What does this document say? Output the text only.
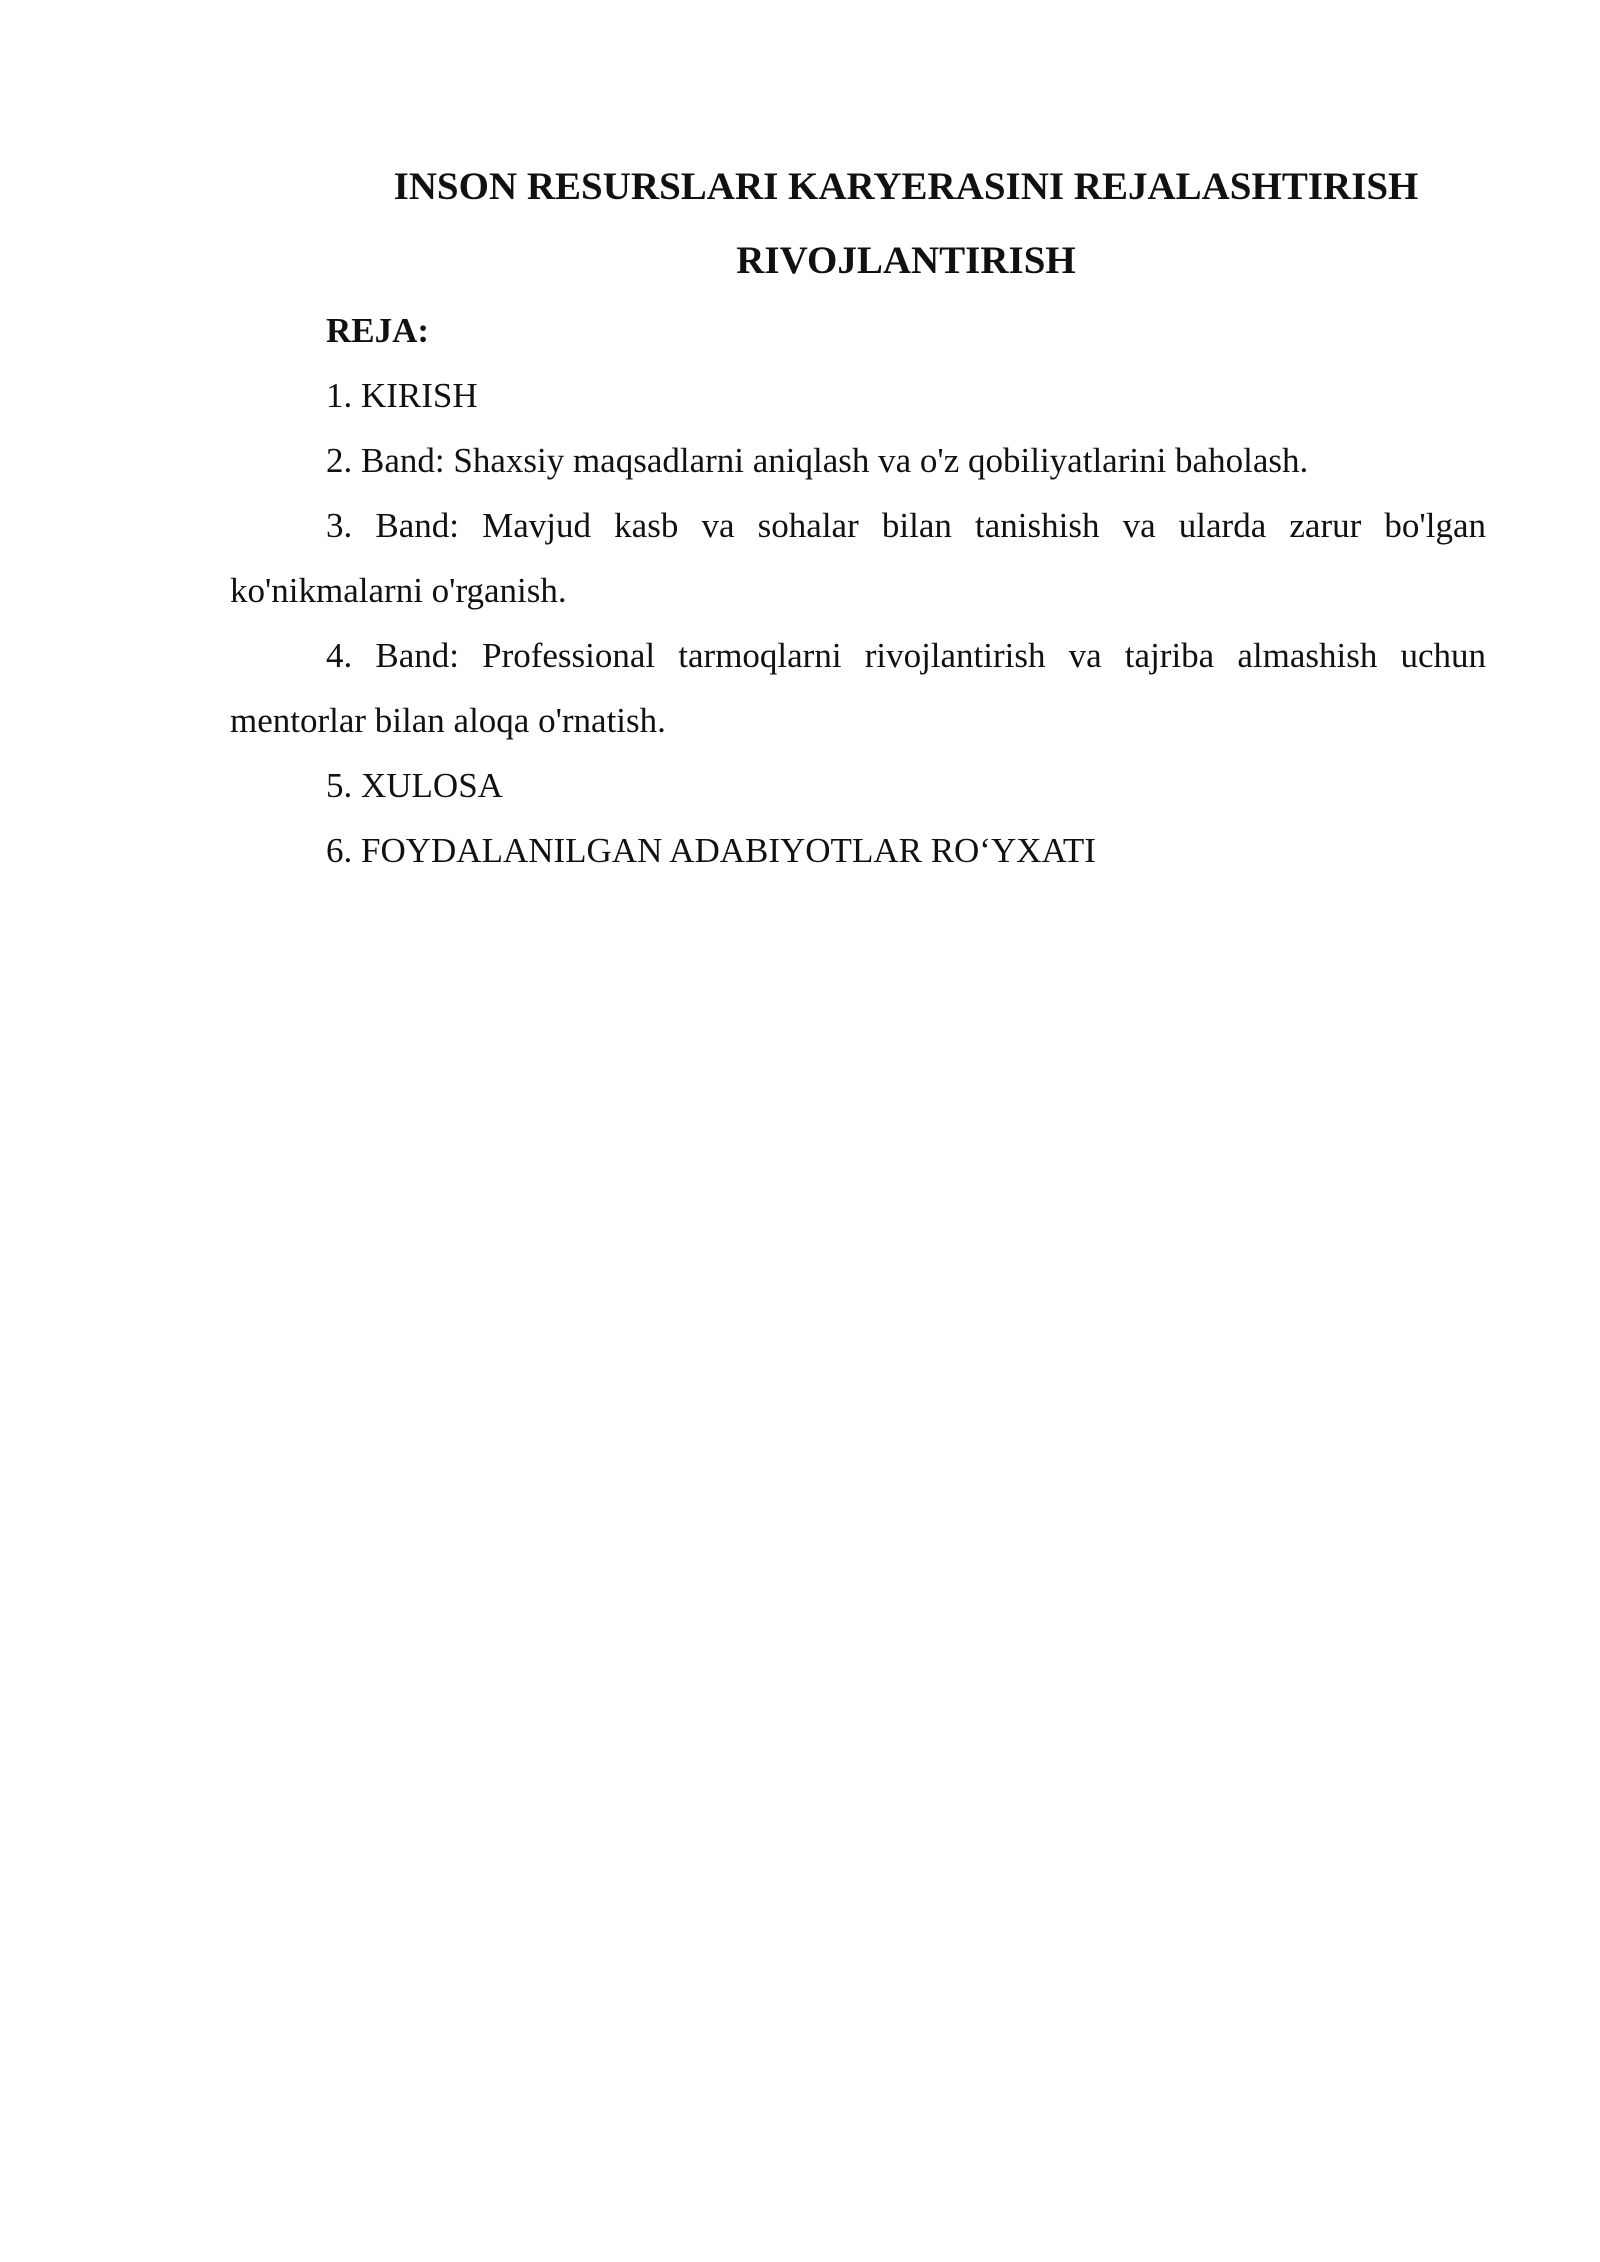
INSON RESURSLARI KARYERASINI REJALASHTIRISH
RIVOJLANTIRISH

REJA:

1. KIRISH
2. Band: Shaxsiy maqsadlarni aniqlash va o'z qobiliyatlarini baholash.
3. Band: Mavjud kasb va sohalar bilan tanishish va ularda zarur bo'lgan ko'nikmalarni o'rganish.
4. Band: Professional tarmoqlarni rivojlantirish va tajriba almashish uchun mentorlar bilan aloqa o'rnatish.
5. XULOSA
6. FOYDALANILGAN ADABIYOTLAR RO‘YXATI
